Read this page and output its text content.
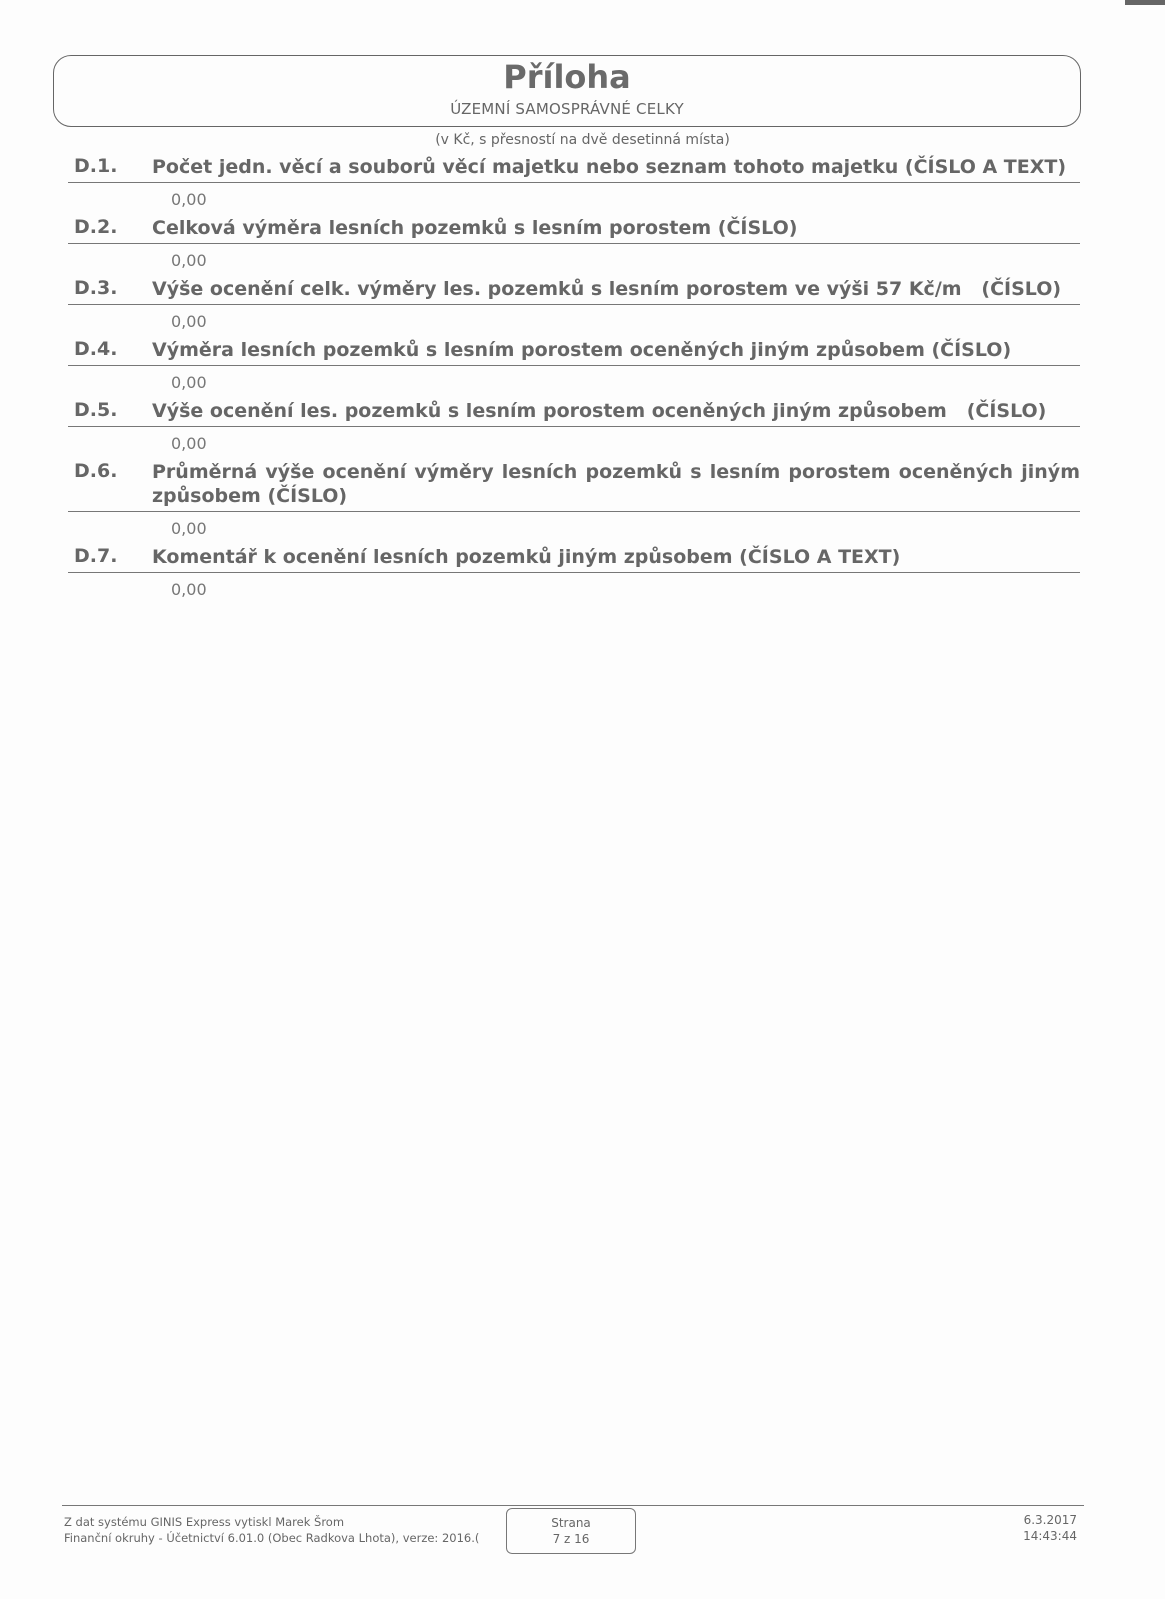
Příloha
ÚZEMNÍ SAMOSPRÁVNÉ CELKY
(v Kč, s přesností na dvě desetinná místa)
D.1.	Počet jedn. věcí a souborů věcí majetku nebo seznam tohoto majetku (ČÍSLO A TEXT)
0,00
D.2.	Celková výměra lesních pozemků s lesním porostem (ČÍSLO)
0,00
D.3.	Výše ocenění celk. výměry les. pozemků s lesním porostem ve výši 57 Kč/m   (ČÍSLO)
0,00
D.4.	Výměra lesních pozemků s lesním porostem oceněných jiným způsobem (ČÍSLO)
0,00
D.5.	Výše ocenění les. pozemků s lesním porostem oceněných jiným způsobem   (ČÍSLO)
0,00
D.6.	Průměrná výše ocenění výměry lesních pozemků s lesním porostem oceněných jiným způsobem (ČÍSLO)
0,00
D.7.	Komentář k ocenění lesních pozemků jiným způsobem (ČÍSLO A TEXT)
0,00
Z dat systému GINIS Express vytiskl Marek Šrom
Finanční okruhy - Účetnictví 6.01.0 (Obec Radkova Lhota), verze: 2016.(
Strana
7 z 16
6.3.2017
14:43:44
